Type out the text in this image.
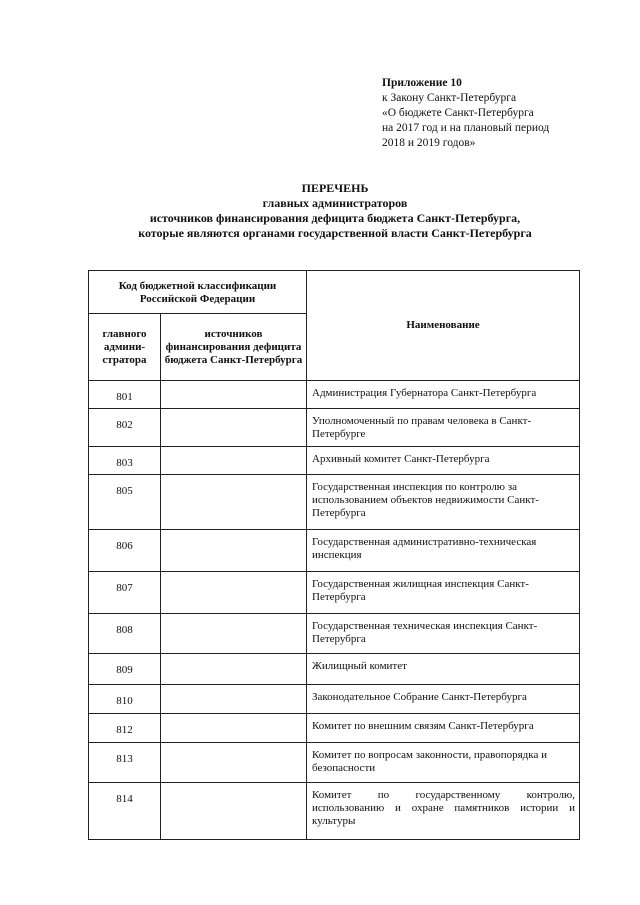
Приложение 10
к Закону Санкт-Петербурга
«О бюджете Санкт-Петербурга
на 2017 год и на плановый период
2018 и 2019 годов»
ПЕРЕЧЕНЬ
главных администраторов
источников финансирования дефицита бюджета Санкт-Петербурга,
которые являются органами государственной власти Санкт-Петербурга
Код бюджетной классификации Российской Федерации		Наименование
главного админи-стратора	источников финансирования дефицита бюджета Санкт-Петербурга	
801		Администрация Губернатора Санкт-Петербурга
802		Уполномоченный по правам человека в Санкт-Петербурге
803		Архивный комитет Санкт-Петербурга
805		Государственная инспекция по контролю за использованием объектов недвижимости Санкт-Петербурга
806		Государственная административно-техническая инспекция
807		Государственная жилищная инспекция Санкт-Петербурга
808		Государственная техническая инспекция Санкт-Петерубрга
809		Жилищный комитет
810		Законодательное Собрание Санкт-Петербурга
812		Комитет по внешним связям Санкт-Петербурга
813		Комитет по вопросам законности, правопорядка и безопасности
814		Комитет по государственному контролю, использованию и охране памятников истории и культуры
